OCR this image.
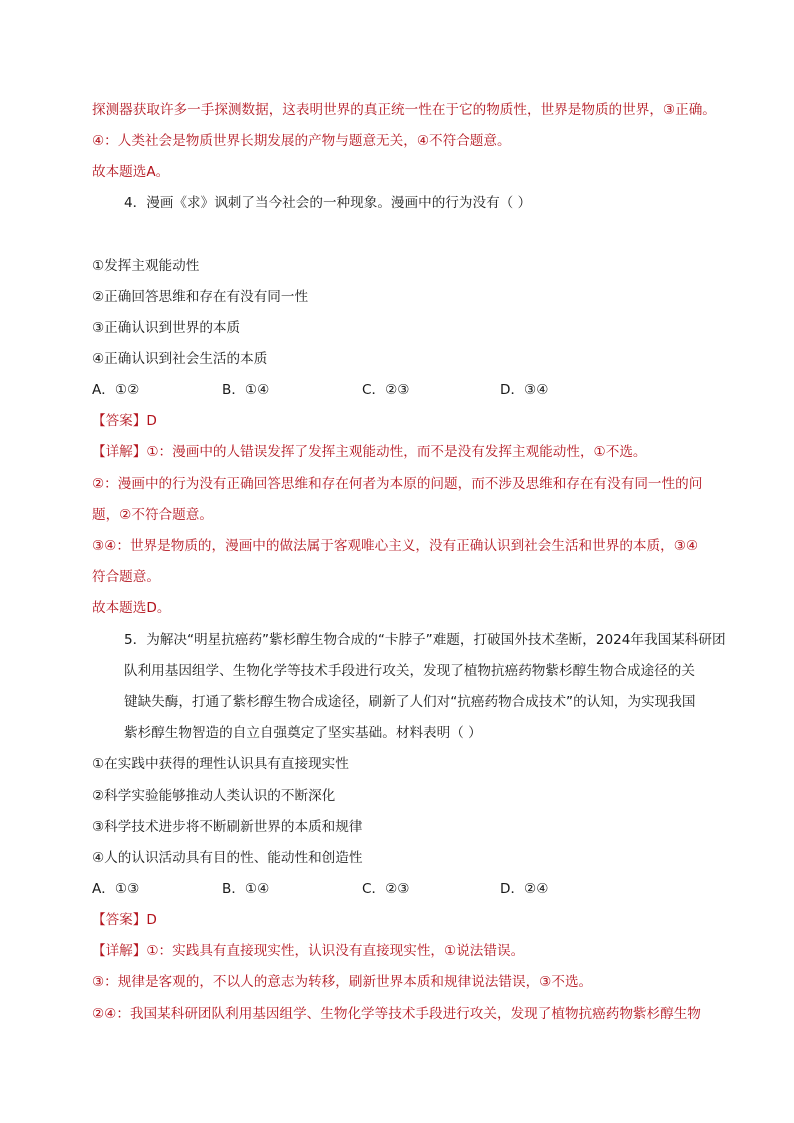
探测器获取许多一手探测数据，这表明世界的真正统一性在于它的物质性，世界是物质的世界，③正确。
④：人类社会是物质世界长期发展的产物与题意无关，④不符合题意。
故本题选A。
4．漫画《求》讽刺了当今社会的一种现象。漫画中的行为没有（ ）
①发挥主观能动性
②正确回答思维和存在有没有同一性
③正确认识到世界的本质
④正确认识到社会生活的本质
A．①②	B．①④	C．②③	D．③④
【答案】D
【详解】①：漫画中的人错误发挥了发挥主观能动性，而不是没有发挥主观能动性，①不选。
②：漫画中的行为没有正确回答思维和存在何者为本原的问题，而不涉及思维和存在有没有同一性的问
题，②不符合题意。
③④：世界是物质的，漫画中的做法属于客观唯心主义，没有正确认识到社会生活和世界的本质，③④
符合题意。
故本题选D。
5．为解决“明星抗癌药”紫杉醇生物合成的“卡脖子”难题，打破国外技术垄断，2024年我国某科研团
队利用基因组学、生物化学等技术手段进行攻关，发现了植物抗癌药物紫杉醇生物合成途径的关
键缺失酶，打通了紫杉醇生物合成途径，刷新了人们对“抗癌药物合成技术”的认知，为实现我国
紫杉醇生物智造的自立自强奠定了坚实基础。材料表明（ ）
①在实践中获得的理性认识具有直接现实性
②科学实验能够推动人类认识的不断深化
③科学技术进步将不断刷新世界的本质和规律
④人的认识活动具有目的性、能动性和创造性
A．①③	B．①④	C．②③	D．②④
【答案】D
【详解】①：实践具有直接现实性，认识没有直接现实性，①说法错误。
③：规律是客观的，不以人的意志为转移，刷新世界本质和规律说法错误，③不选。
②④：我国某科研团队利用基因组学、生物化学等技术手段进行攻关，发现了植物抗癌药物紫杉醇生物
